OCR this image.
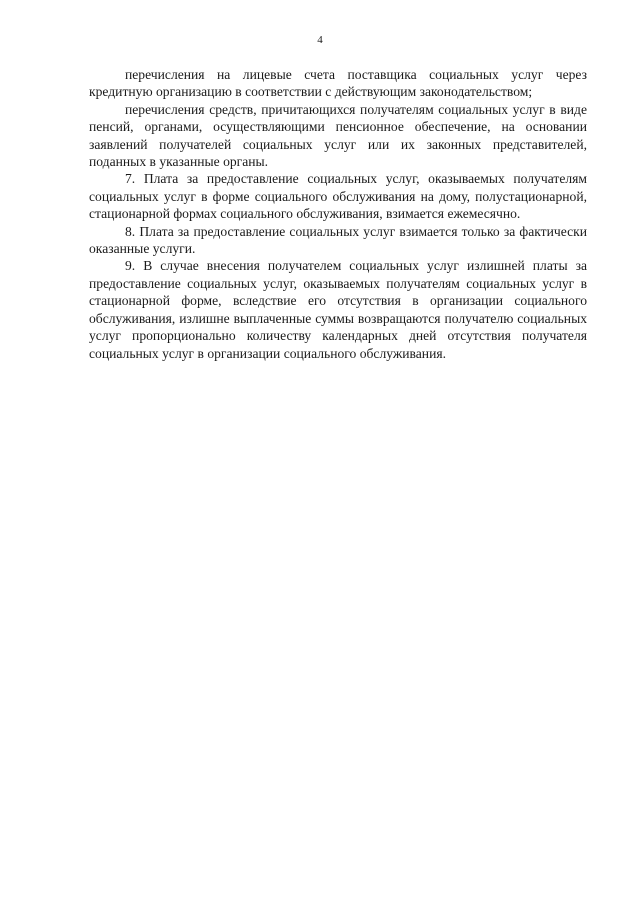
4

перечисления на лицевые счета поставщика социальных услуг через кредитную организацию в соответствии с действующим законодательством;

перечисления средств, причитающихся получателям социальных услуг в виде пенсий, органами, осуществляющими пенсионное обеспечение, на основании заявлений получателей социальных услуг или их законных представителей, поданных в указанные органы.

7. Плата за предоставление социальных услуг, оказываемых получателям социальных услуг в форме социального обслуживания на дому, полустационарной, стационарной формах социального обслуживания, взимается ежемесячно.

8. Плата за предоставление социальных услуг взимается только за фактически оказанные услуги.

9. В случае внесения получателем социальных услуг излишней платы за предоставление социальных услуг, оказываемых получателям социальных услуг в стационарной форме, вследствие его отсутствия в организации социального обслуживания, излишне выплаченные суммы возвращаются получателю социальных услуг пропорционально количеству календарных дней отсутствия получателя социальных услуг в организации социального обслуживания.
